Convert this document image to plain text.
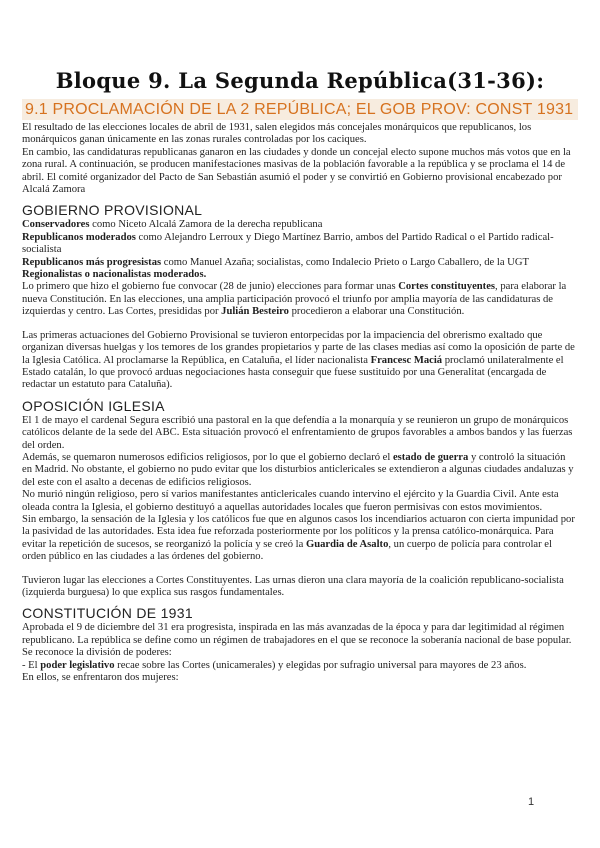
Bloque 9. La Segunda República(31-36):
9.1 PROCLAMACIÓN DE LA 2 REPÚBLICA; EL GOB PROV: CONST 1931

El resultado de las elecciones locales de abril de 1931, salen elegidos más concejales monárquicos que republicanos, los monárquicos ganan únicamente en las zonas rurales controladas por los caciques.

En cambio, las candidaturas republicanas ganaron en las ciudades y donde un concejal electo supone muchos más votos que en la zona rural. A continuación, se producen manifestaciones masivas de la población favorable a la república y se proclama el 14 de abril. El comité organizador del Pacto de San Sebastián asumió el poder y se convirtió en Gobierno provisional encabezado por Alcalá Zamora

GOBIERNO PROVISIONAL

Conservadores como Niceto Alcalá Zamora de la derecha republicana

Republicanos moderados como Alejandro Lerroux y Diego Martínez Barrio, ambos del Partido Radical o el Partido radical-socialista

Republicanos más progresistas como Manuel Azaña; socialistas, como Indalecio Prieto o Largo Caballero, de la UGT

Regionalistas o nacionalistas moderados.

Lo primero que hizo el gobierno fue convocar (28 de junio) elecciones para formar unas Cortes constituyentes, para elaborar la nueva Constitución. En las elecciones, una amplia participación provocó el triunfo por amplia mayoría de las candidaturas de izquierdas y centro. Las Cortes, presididas por Julián Besteiro procedieron a elaborar una Constitución.

Las primeras actuaciones del Gobierno Provisional se tuvieron entorpecidas por la impaciencia del obrerismo exaltado que organizan diversas huelgas y los temores de los grandes propietarios y parte de las clases medias así como la oposición de parte de la Iglesia Católica. Al proclamarse la República, en Cataluña, el líder nacionalista Francesc Maciá proclamó unilateralmente el Estado catalán, lo que provocó arduas negociaciones hasta conseguir que fuese sustituido por una Generalitat (encargada de redactar un estatuto para Cataluña).

OPOSICIÓN IGLESIA

El 1 de mayo el cardenal Segura escribió una pastoral en la que defendía a la monarquía y se reunieron un grupo de monárquicos católicos delante de la sede del ABC. Esta situación provocó el enfrentamiento de grupos favorables a ambos bandos y las fuerzas del orden.

Además, se quemaron numerosos edificios religiosos, por lo que el gobierno declaró el estado de guerra y controló la situación en Madrid. No obstante, el gobierno no pudo evitar que los disturbios anticlericales se extendieron a algunas ciudades andaluzas y del este con el asalto a decenas de edificios religiosos.

No murió ningún religioso, pero sí varios manifestantes anticlericales cuando intervino el ejército y la Guardia Civil. Ante esta oleada contra la Iglesia, el gobierno destituyó a aquellas autoridades locales que fueron permisivas con estos movimientos.

Sin embargo, la sensación de la Iglesia y los católicos fue que en algunos casos los incendiarios actuaron con cierta impunidad por la pasividad de las autoridades. Esta idea fue reforzada posteriormente por los políticos y la prensa católico-monárquica. Para evitar la repetición de sucesos, se reorganizó la policía y se creó la Guardia de Asalto, un cuerpo de policía para controlar el orden público en las ciudades a las órdenes del gobierno.

Tuvieron lugar las elecciones a Cortes Constituyentes. Las urnas dieron una clara mayoría de la coalición republicano-socialista (izquierda burguesa) lo que explica sus rasgos fundamentales.

CONSTITUCIÓN DE 1931

Aprobada el 9 de diciembre del 31 era progresista, inspirada en las más avanzadas de la época y para dar legitimidad al régimen republicano. La república se define como un régimen de trabajadores en el que se reconoce la soberanía nacional de base popular.

Se reconoce la división de poderes:

- El poder legislativo recae sobre las Cortes (unicamerales) y elegidas por sufragio universal para mayores de 23 años.

En ellos, se enfrentaron dos mujeres:

1
